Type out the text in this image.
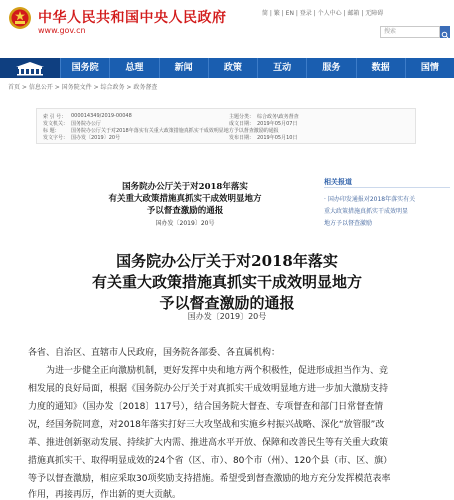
中华人民共和国中央人民政府
www.gov.cn
简 | 繁 | EN | 登录 | 个人中心 | 邮箱 | 无障碍
搜索
国务院	总理	新闻	政策	互动	服务	数据	国情
首页 > 信息公开 > 国务院文件 > 综合政务 > 政务督查
索 引 号： 000014349/2019-00048	主题分类： 综合政务\政务督查
发文机关： 国务院办公厅	成文日期： 2019年05月07日
标 题： 国务院办公厅关于对2018年落实有关重大政策措施真抓实干成效明显地方予以督查激励的通报
发文字号： 国办发〔2019〕20号	发布日期： 2019年05月10日
国务院办公厅关于对2018年落实
有关重大政策措施真抓实干成效明显地方
予以督查激励的通报
国办发〔2019〕20号
相关报道
· 国办印发通报对2018年落实有关
重大政策措施真抓实干成效明显
地方予以督查激励
国务院办公厅关于对2018年落实
有关重大政策措施真抓实干成效明显地方
予以督查激励的通报
国办发〔2019〕20号
各省、自治区、直辖市人民政府，国务院各部委、各直属机构：
　　为进一步健全正向激励机制，更好发挥中央和地方两个积极性，促进形成担当作为、竞
相发展的良好局面，根据《国务院办公厅关于对真抓实干成效明显地方进一步加大激励支持
力度的通知》（国办发〔2018〕117号），结合国务院大督查、专项督查和部门日常督查情
况，经国务院同意，对2018年落实打好三大攻坚战和实施乡村振兴战略、深化“放管服”改
革、推进创新驱动发展、持续扩大内需、推进高水平开放、保障和改善民生等有关重大政策
措施真抓实干、取得明显成效的24个省（区、市）、80个市（州）、120个县（市、区、旗）
等予以督查激励，相应采取30项奖励支持措施。希望受到督查激励的地方充分发挥模范表率
作用，再接再厉，作出新的更大贡献。
